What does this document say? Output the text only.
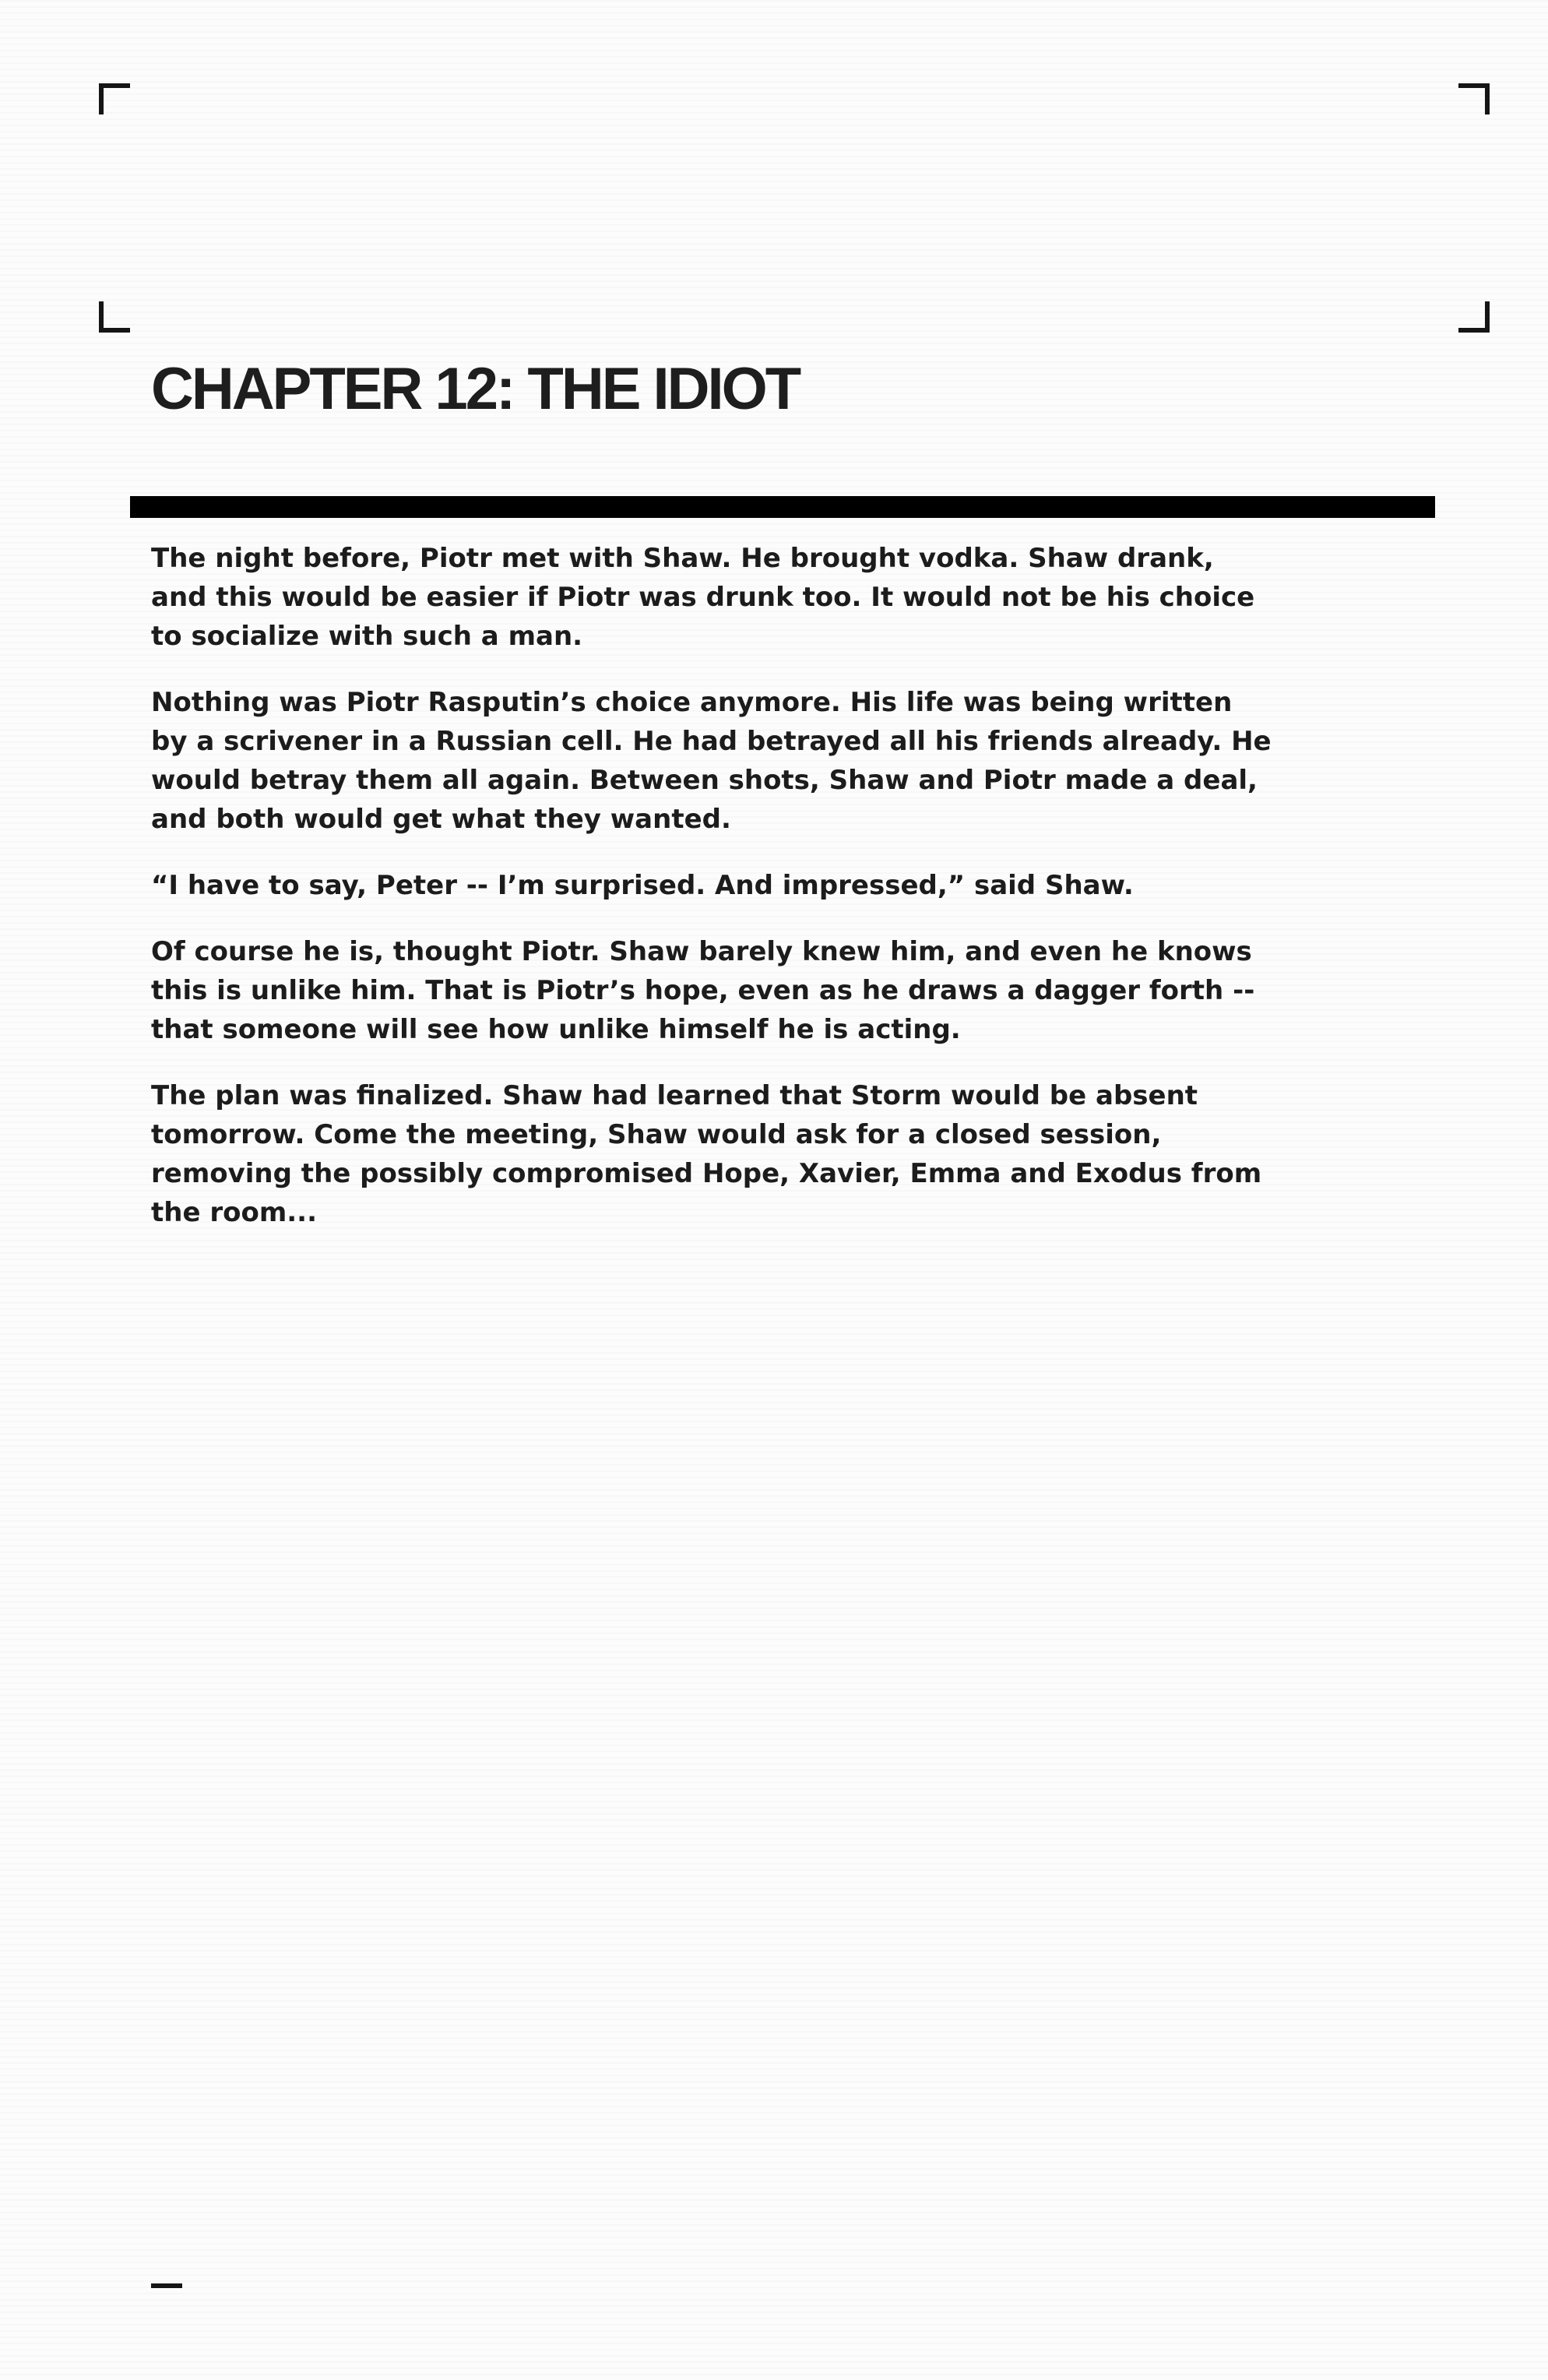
CHAPTER 12: THE IDIOT

The night before, Piotr met with Shaw. He brought vodka. Shaw drank, and this would be easier if Piotr was drunk too. It would not be his choice to socialize with such a man.

Nothing was Piotr Rasputin’s choice anymore. His life was being written by a scrivener in a Russian cell. He had betrayed all his friends already. He would betray them all again. Between shots, Shaw and Piotr made a deal, and both would get what they wanted.

“I have to say, Peter -- I’m surprised. And impressed,” said Shaw.

Of course he is, thought Piotr. Shaw barely knew him, and even he knows this is unlike him. That is Piotr’s hope, even as he draws a dagger forth -- that someone will see how unlike himself he is acting.

The plan was finalized. Shaw had learned that Storm would be absent tomorrow. Come the meeting, Shaw would ask for a closed session, removing the possibly compromised Hope, Xavier, Emma and Exodus from the room...
